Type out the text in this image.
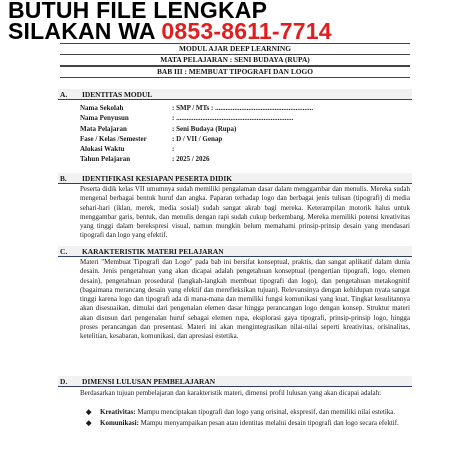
BUTUH FILE LENGKAP
SILAKAN WA 0853-8611-7714
MODUL AJAR DEEP LEARNING
MATA PELAJARAN : SENI BUDAYA (RUPA)
BAB III : MEMBUAT TIPOGRAFI DAN LOGO
A. IDENTITAS MODUL
Nama Sekolah	: SMP / MTs : ........................................................
Nama Penyusun	: ...................................................................
Mata Pelajaran	: Seni Budaya (Rupa)
Fase / Kelas /Semester	: D / VII / Genap
Alokasi Waktu	:
Tahun Pelajaran	: 2025 / 2026
B. IDENTIFIKASI KESIAPAN PESERTA DIDIK
Peserta didik kelas VII umumnya sudah memiliki pengalaman dasar dalam menggambar dan menulis. Mereka sudah mengenal berbagai bentuk huruf dan angka. Paparan terhadap logo dan berbagai jenis tulisan (tipografi) di media sehari-hari (iklan, merek, media sosial) sudah sangat akrab bagi mereka. Keterampilan motorik halus untuk menggambar garis, bentuk, dan menulis dengan rapi sudah cukup berkembang. Mereka memiliki potensi kreativitas yang tinggi dalam berekspresi visual, namun mungkin belum memahami prinsip-prinsip desain yang mendasari tipografi dan logo yang efektif.
C. KARAKTERISTIK MATERI PELAJARAN
Materi "Membuat Tipografi dan Logo" pada bab ini bersifat konseptual, praktis, dan sangat aplikatif dalam dunia desain. Jenis pengetahuan yang akan dicapai adalah pengetahuan konseptual (pengertian tipografi, logo, elemen desain), pengetahuan prosedural (langkah-langkah membuat tipografi dan logo), dan pengetahuan metakognitif (bagaimana merancang desain yang efektif dan merefleksikan tujuan). Relevansinya dengan kehidupan nyata sangat tinggi karena logo dan tipografi ada di mana-mana dan memiliki fungsi komunikasi yang kuat. Tingkat kesulitannya akan disesuaikan, dimulai dari pengenalan elemen dasar hingga perancangan logo dengan konsep. Struktur materi akan disusun dari pengenalan huruf sebagai elemen rupa, eksplorasi gaya tipografi, prinsip-prinsip logo, hingga proses perancangan dan presentasi. Materi ini akan mengintegrasikan nilai-nilai seperti kreativitas, orisinalitas, ketelitian, kesabaran, komunikasi, dan apresiasi estetika.
D. DIMENSI LULUSAN PEMBELAJARAN
Berdasarkan tujuan pembelajaran dan karakteristik materi, dimensi profil lulusan yang akan dicapai adalah:
◆ Kreativitas: Mampu menciptakan tipografi dan logo yang orisinal, ekspresif, dan memiliki nilai estetika.
◆ Komunikasi: Mampu menyampaikan pesan atau identitas melalui desain tipografi dan logo secara efektif.
